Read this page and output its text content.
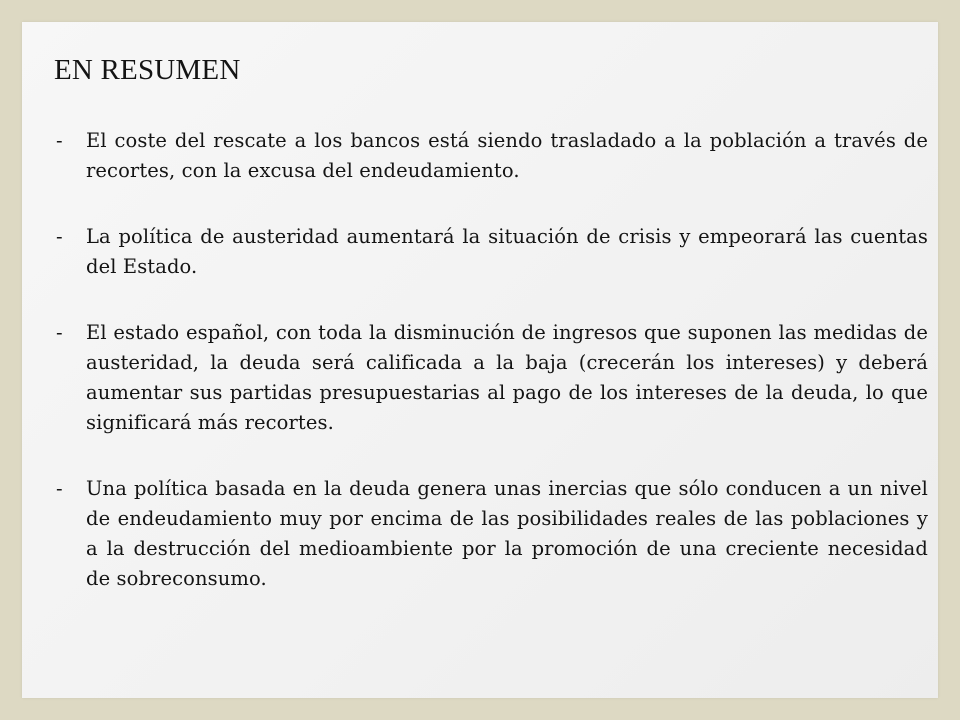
EN RESUMEN
-	El coste del rescate a los bancos está siendo trasladado a la población a través de recortes, con la excusa del endeudamiento.
-	La política de austeridad aumentará la situación de crisis y empeorará las cuentas del Estado.
-	El estado español, con toda la disminución de ingresos que suponen las medidas de austeridad, la deuda será calificada a la baja (crecerán los intereses) y deberá aumentar sus partidas presupuestarias al pago de los intereses de la deuda, lo que significará más recortes.
-	Una política basada en la deuda genera unas inercias que sólo conducen a un nivel de endeudamiento muy por encima de las posibilidades reales de las poblaciones y a la destrucción del medioambiente por la promoción de una creciente necesidad de sobreconsumo.
